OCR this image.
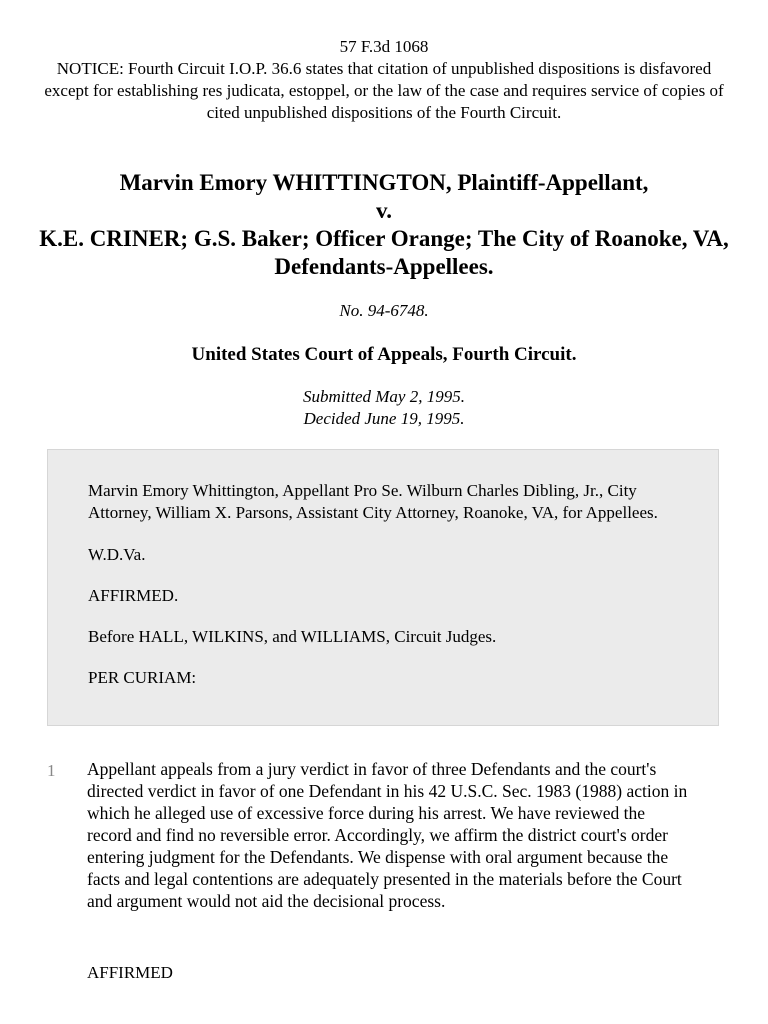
57 F.3d 1068

NOTICE: Fourth Circuit I.O.P. 36.6 states that citation of unpublished dispositions is disfavored except for establishing res judicata, estoppel, or the law of the case and requires service of copies of cited unpublished dispositions of the Fourth Circuit.

Marvin Emory WHITTINGTON, Plaintiff-Appellant,

v.

K.E. CRINER; G.S. Baker; Officer Orange; The City of Roanoke, VA, Defendants-Appellees.

No. 94-6748.
United States Court of Appeals, Fourth Circuit.

Submitted May 2, 1995.

Decided June 19, 1995.

Marvin Emory Whittington, Appellant Pro Se. Wilburn Charles Dibling, Jr., City Attorney, William X. Parsons, Assistant City Attorney, Roanoke, VA, for Appellees.

W.D.Va.

AFFIRMED.

Before HALL, WILKINS, and WILLIAMS, Circuit Judges.

PER CURIAM:

1 Appellant appeals from a jury verdict in favor of three Defendants and the court's directed verdict in favor of one Defendant in his 42 U.S.C. Sec. 1983 (1988) action in which he alleged use of excessive force during his arrest. We have reviewed the record and find no reversible error. Accordingly, we affirm the district court's order entering judgment for the Defendants. We dispense with oral argument because the facts and legal contentions are adequately presented in the materials before the Court and argument would not aid the decisional process.

AFFIRMED
